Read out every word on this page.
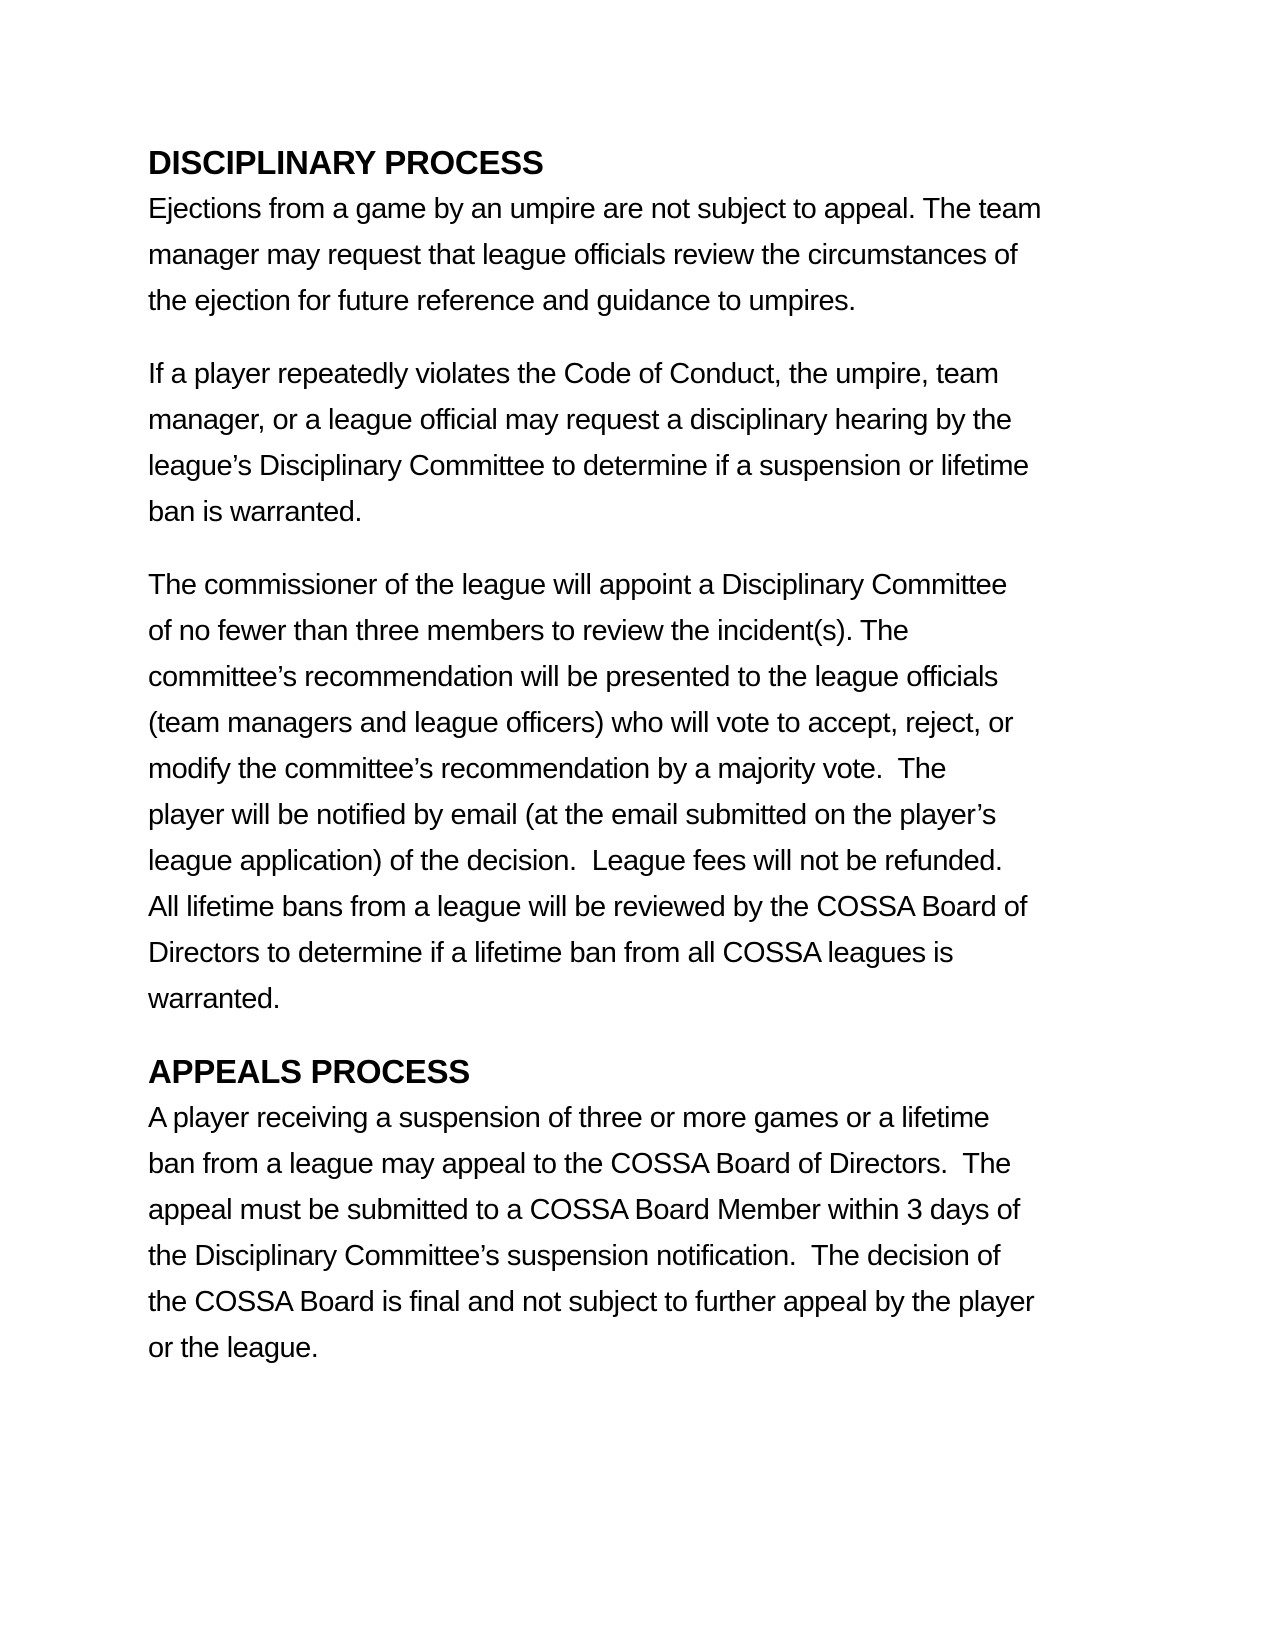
DISCIPLINARY PROCESS
Ejections from a game by an umpire are not subject to appeal. The team
manager may request that league officials review the circumstances of
the ejection for future reference and guidance to umpires.
If a player repeatedly violates the Code of Conduct, the umpire, team
manager, or a league official may request a disciplinary hearing by the
league’s Disciplinary Committee to determine if a suspension or lifetime
ban is warranted.
The commissioner of the league will appoint a Disciplinary Committee
of no fewer than three members to review the incident(s). The
committee’s recommendation will be presented to the league officials
(team managers and league officers) who will vote to accept, reject, or
modify the committee’s recommendation by a majority vote.  The
player will be notified by email (at the email submitted on the player’s
league application) of the decision.  League fees will not be refunded.
All lifetime bans from a league will be reviewed by the COSSA Board of
Directors to determine if a lifetime ban from all COSSA leagues is
warranted.
APPEALS PROCESS
A player receiving a suspension of three or more games or a lifetime
ban from a league may appeal to the COSSA Board of Directors.  The
appeal must be submitted to a COSSA Board Member within 3 days of
the Disciplinary Committee’s suspension notification.  The decision of
the COSSA Board is final and not subject to further appeal by the player
or the league.
